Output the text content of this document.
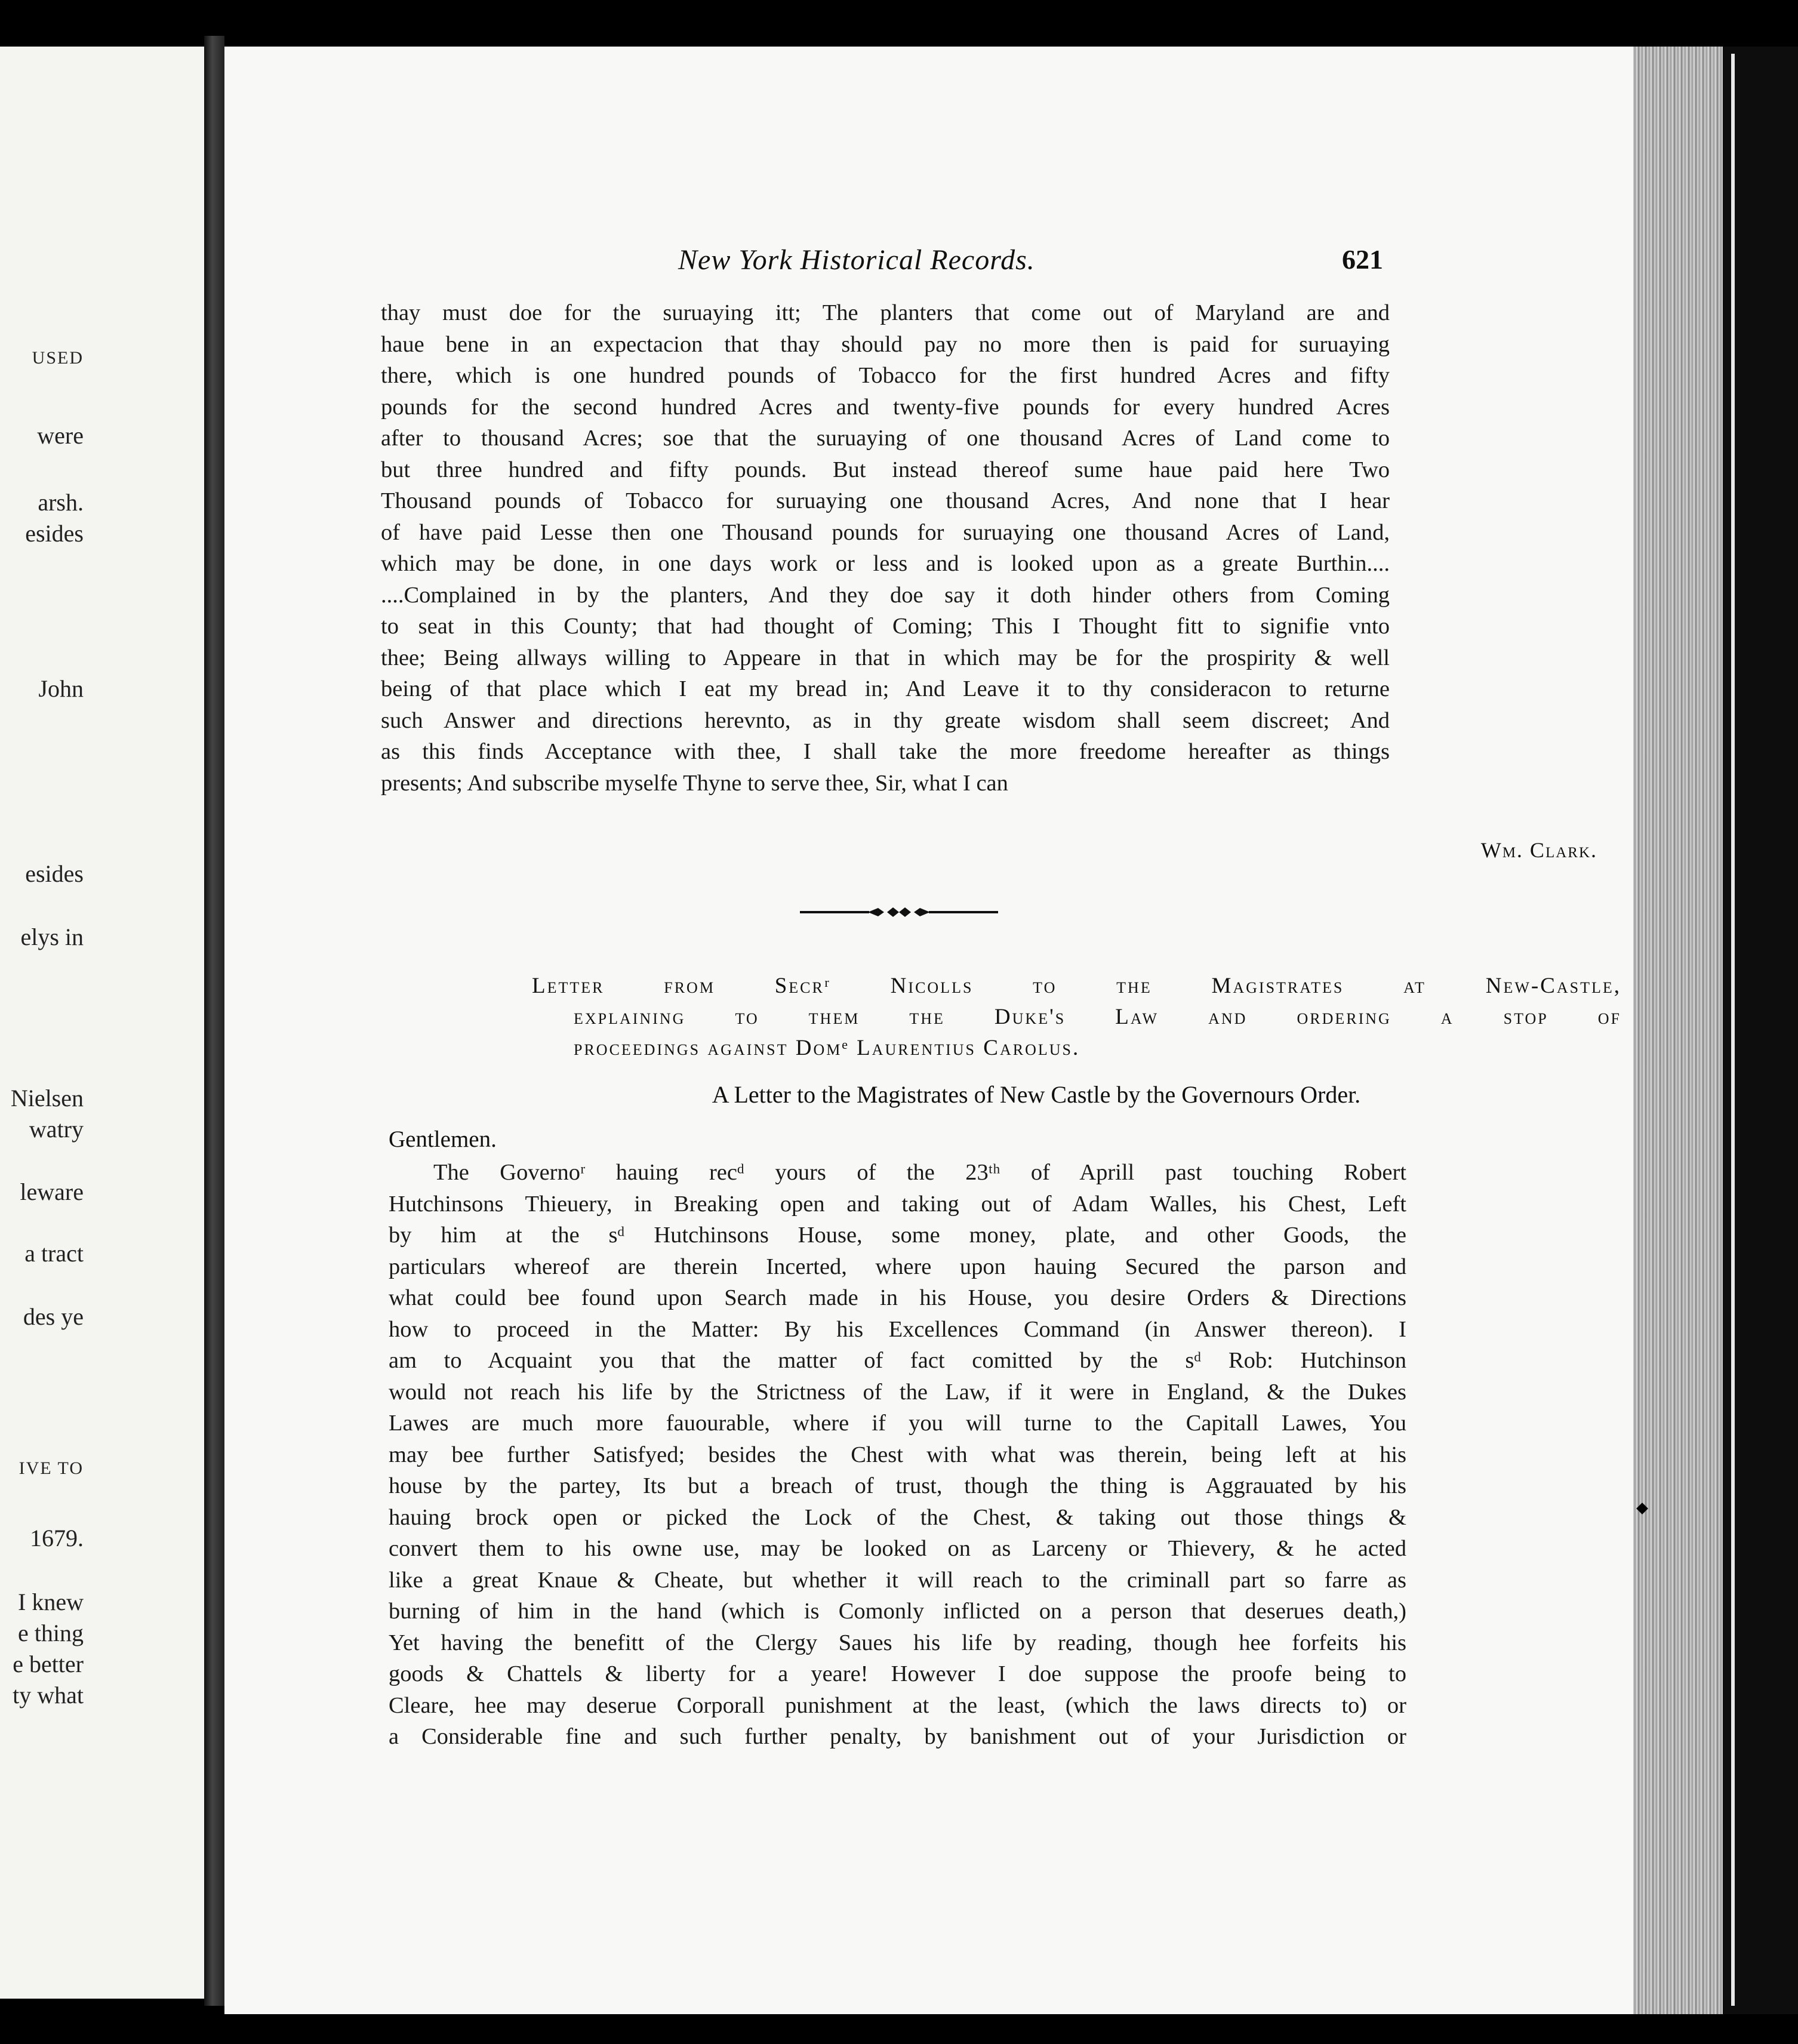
USED
were
arsh.
esides
John
esides
elys in
Nielsen
watry
leware
a tract
des ye
IVE TO
1679.
I knew
e thing
e better
ty what
New York Historical Records.	621
thay must doe for the suruaying itt; The planters that come out of Maryland are and
haue bene in an expectacion that thay should pay no more then is paid for suruaying
there, which is one hundred pounds of Tobacco for the first hundred Acres and fifty
pounds for the second hundred Acres and twenty-five pounds for every hundred Acres
after to thousand Acres; soe that the suruaying of one thousand Acres of Land come to
but three hundred and fifty pounds. But instead thereof sume haue paid here Two
Thousand pounds of Tobacco for suruaying one thousand Acres, And none that I hear
of have paid Lesse then one Thousand pounds for suruaying one thousand Acres of Land,
which may be done, in one days work or less and is looked upon as a greate Burthin....
....Complained in by the planters, And they doe say it doth hinder others from Coming
to seat in this County; that had thought of Coming; This I Thought fitt to signifie vnto
thee; Being allways willing to Appeare in that in which may be for the prospirity & well
being of that place which I eat my bread in; And Leave it to thy consideracon to returne
such Answer and directions herevnto, as in thy greate wisdom shall seem discreet; And
as this finds Acceptance with thee, I shall take the more freedome hereafter as things
presents; And subscribe myselfe Thyne to serve thee, Sir, what I can
Wm. Clark.
Letter from Secrʳ Nicolls to the Magistrates at New-Castle,
explaining to them the Duke's Law and ordering a stop of
proceedings against Domᵉ Laurentius Carolus.
A Letter to the Magistrates of New Castle by the Governours Order.
Gentlemen.
The Governoʳ hauing recᵈ yours of the 23ᵗʰ of Aprill past touching Robert
Hutchinsons Thieuery, in Breaking open and taking out of Adam Walles, his Chest, Left
by him at the sᵈ Hutchinsons House, some money, plate, and other Goods, the
particulars whereof are therein Incerted, where upon hauing Secured the parson and
what could bee found upon Search made in his House, you desire Orders & Directions
how to proceed in the Matter: By his Excellences Command (in Answer thereon). I
am to Acquaint you that the matter of fact comitted by the sᵈ Rob: Hutchinson
would not reach his life by the Strictness of the Law, if it were in England, & the Dukes
Lawes are much more fauourable, where if you will turne to the Capitall Lawes, You
may bee further Satisfyed; besides the Chest with what was therein, being left at his
house by the partey, Its but a breach of trust, though the thing is Aggrauated by his
hauing brock open or picked the Lock of the Chest, & taking out those things &
convert them to his owne use, may be looked on as Larceny or Thievery, & he acted
like a great Knaue & Cheate, but whether it will reach to the criminall part so farre as
burning of him in the hand (which is Comonly inflicted on a person that deserues death,)
Yet having the benefitt of the Clergy Saues his life by reading, though hee forfeits his
goods & Chattels & liberty for a yeare! However I doe suppose the proofe being to
Cleare, hee may deserue Corporall punishment at the least, (which the laws directs to) or
a Considerable fine and such further penalty, by banishment out of your Jurisdiction or
